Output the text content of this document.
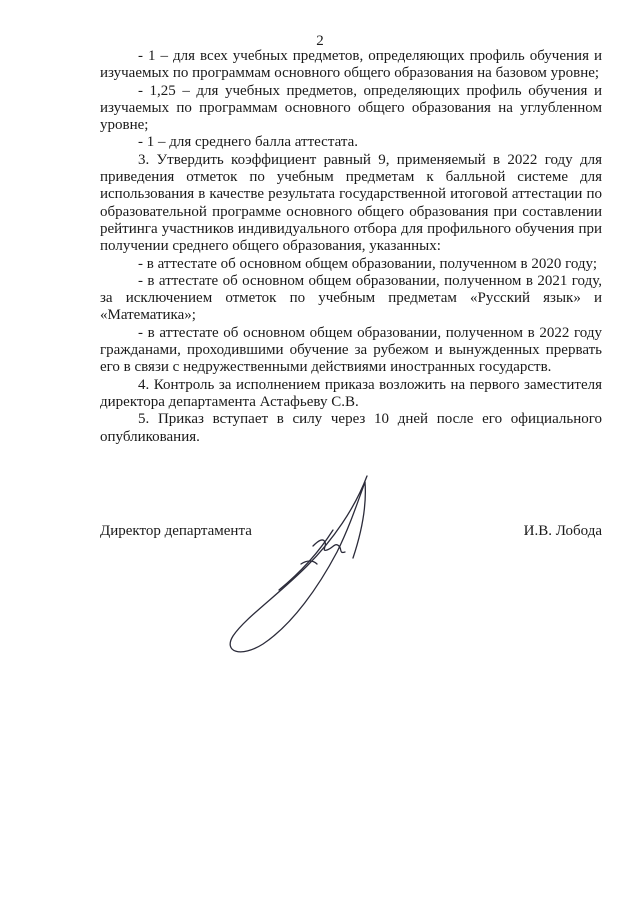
2

- 1 – для всех учебных предметов, определяющих профиль обучения и изучаемых по программам основного общего образования на базовом уровне;

- 1,25 – для учебных предметов, определяющих профиль обучения и изучаемых по программам основного общего образования на углубленном уровне;

- 1 – для среднего балла аттестата.

3. Утвердить коэффициент равный 9, применяемый в 2022 году для приведения отметок по учебным предметам к балльной системе для использования в качестве результата государственной итоговой аттестации по образовательной программе основного общего образования при составлении рейтинга участников индивидуального отбора для профильного обучения при получении среднего общего образования, указанных:

- в аттестате об основном общем образовании, полученном в 2020 году;

- в аттестате об основном общем образовании, полученном в 2021 году, за исключением отметок по учебным предметам «Русский язык» и «Математика»;

- в аттестате об основном общем образовании, полученном в 2022 году гражданами, проходившими обучение за рубежом и вынужденных прервать его в связи с недружественными действиями иностранных государств.

4. Контроль за исполнением приказа возложить на первого заместителя директора департамента Астафьеву С.В.

5. Приказ вступает в силу через 10 дней после его официального опубликования.

Директор департамента	И.В. Лобода
